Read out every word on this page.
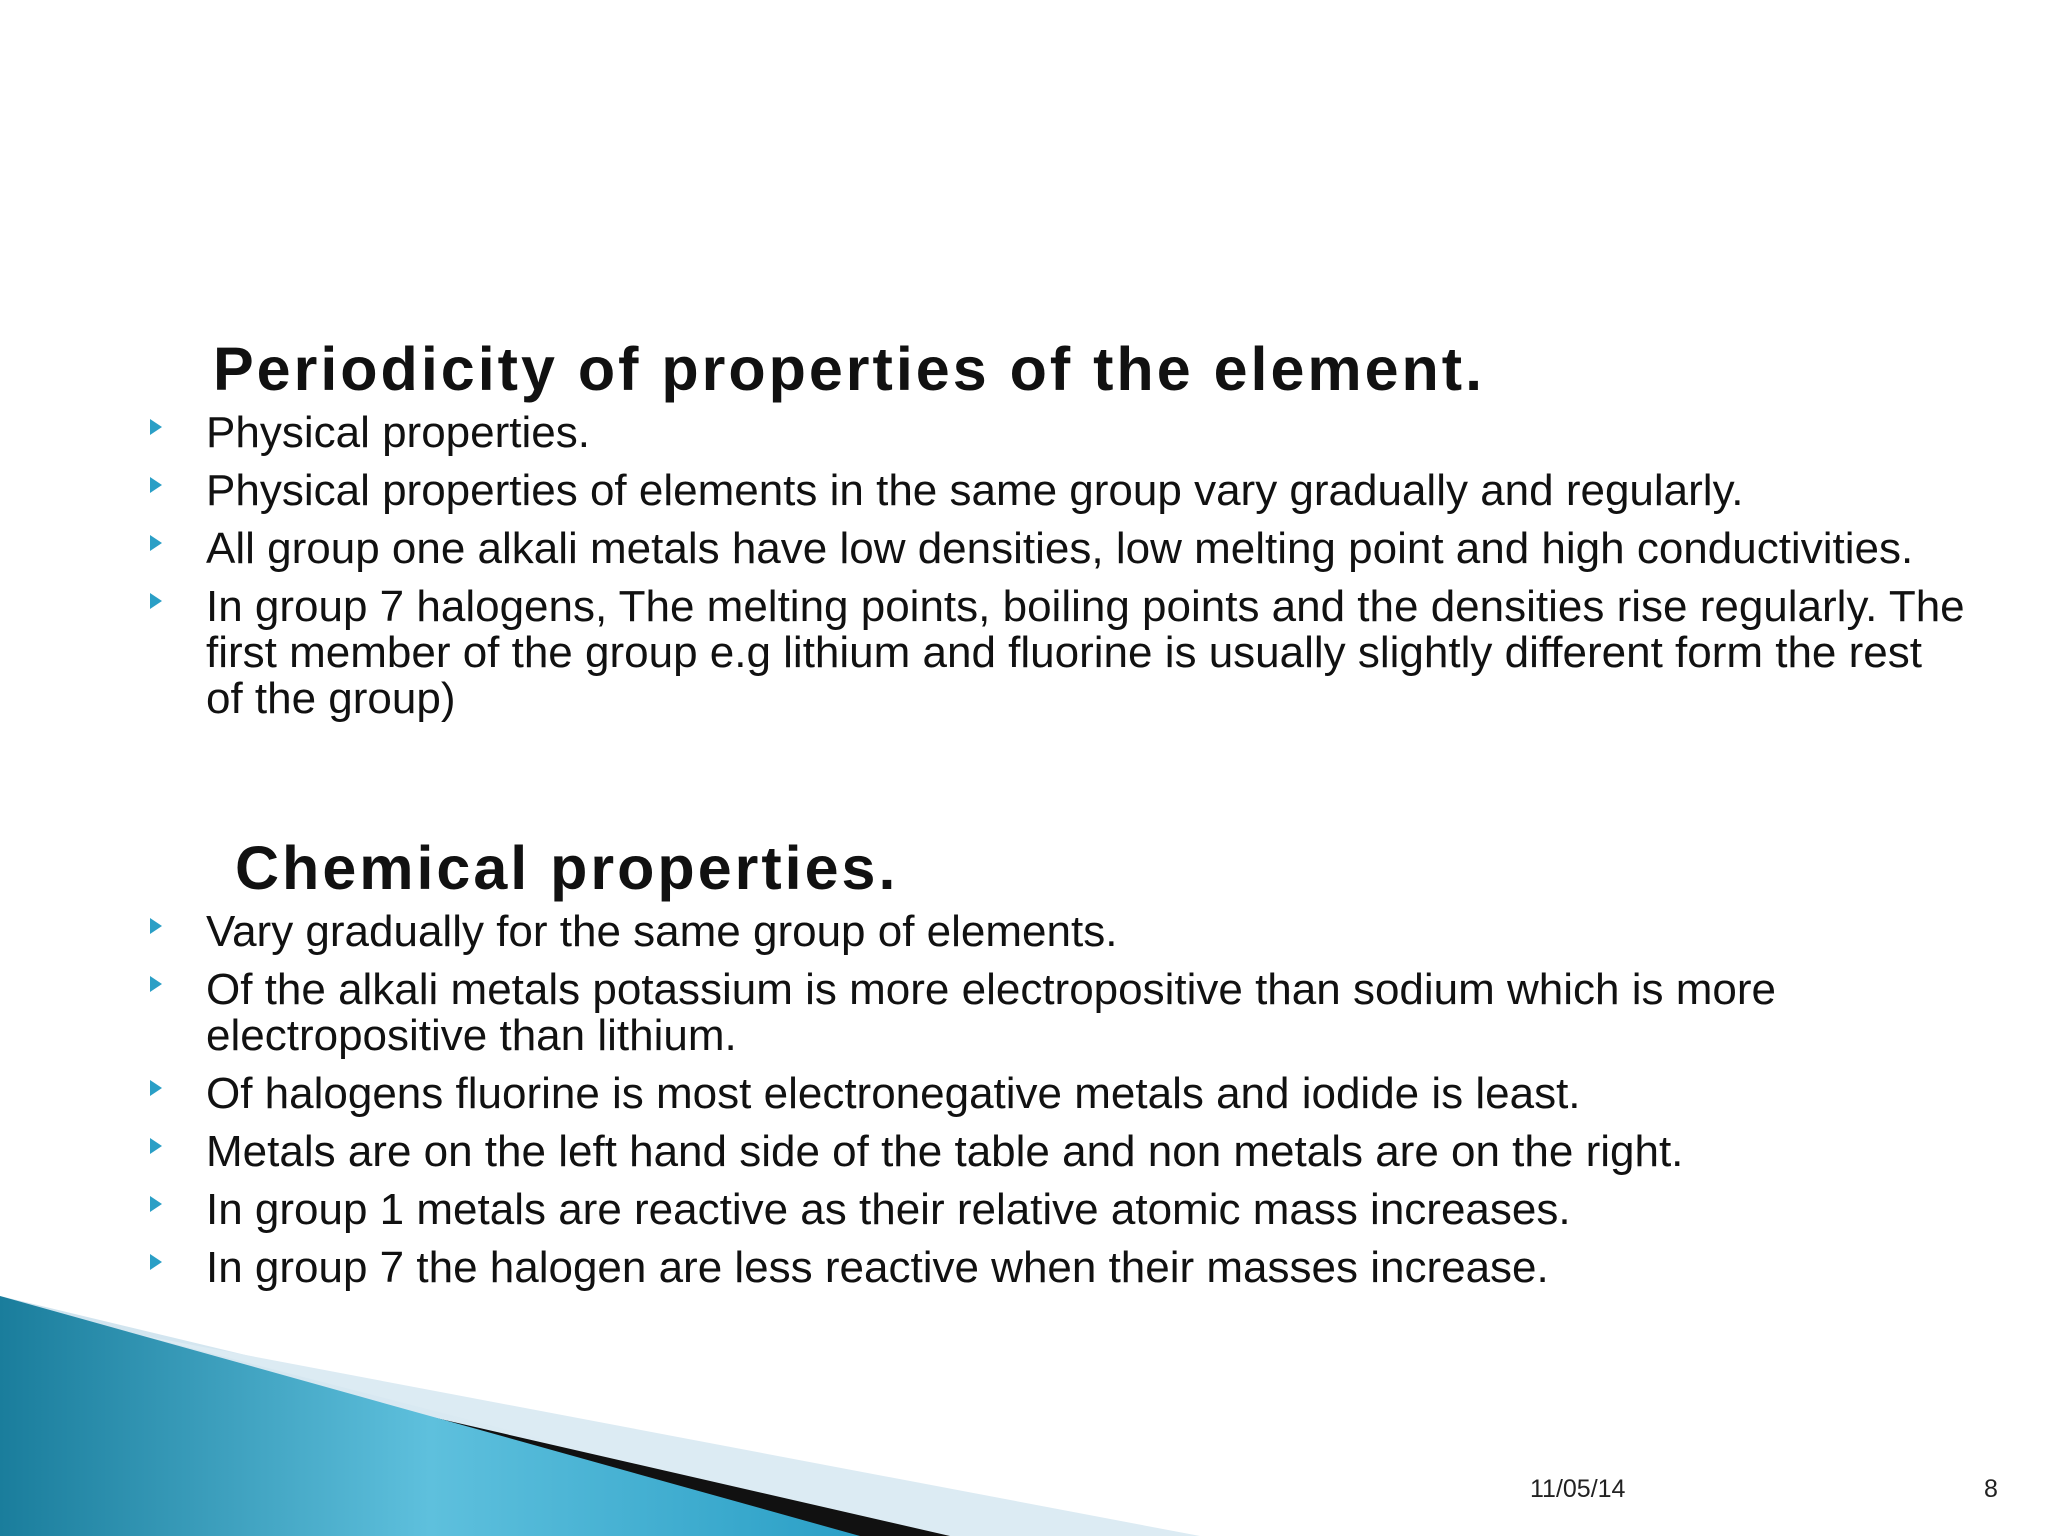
Periodicity of properties of the element.
Physical properties.
Physical properties of elements in the same group vary gradually and regularly.
All group one alkali metals have low densities, low melting point and high conductivities.
In group 7 halogens, The melting points, boiling points and the densities rise regularly. The first member of the group e.g lithium and fluorine is usually slightly different form the rest of the group)
Chemical properties.
Vary gradually for the same group of elements.
Of the alkali metals potassium is more electropositive than sodium which is more electropositive than lithium.
Of halogens fluorine is most electronegative metals and iodide is least.
Metals are on the left hand side of the table and non metals are on the right.
In group 1 metals are reactive as their relative atomic mass increases.
In group 7 the halogen are less reactive when their masses increase.
11/05/14	8
